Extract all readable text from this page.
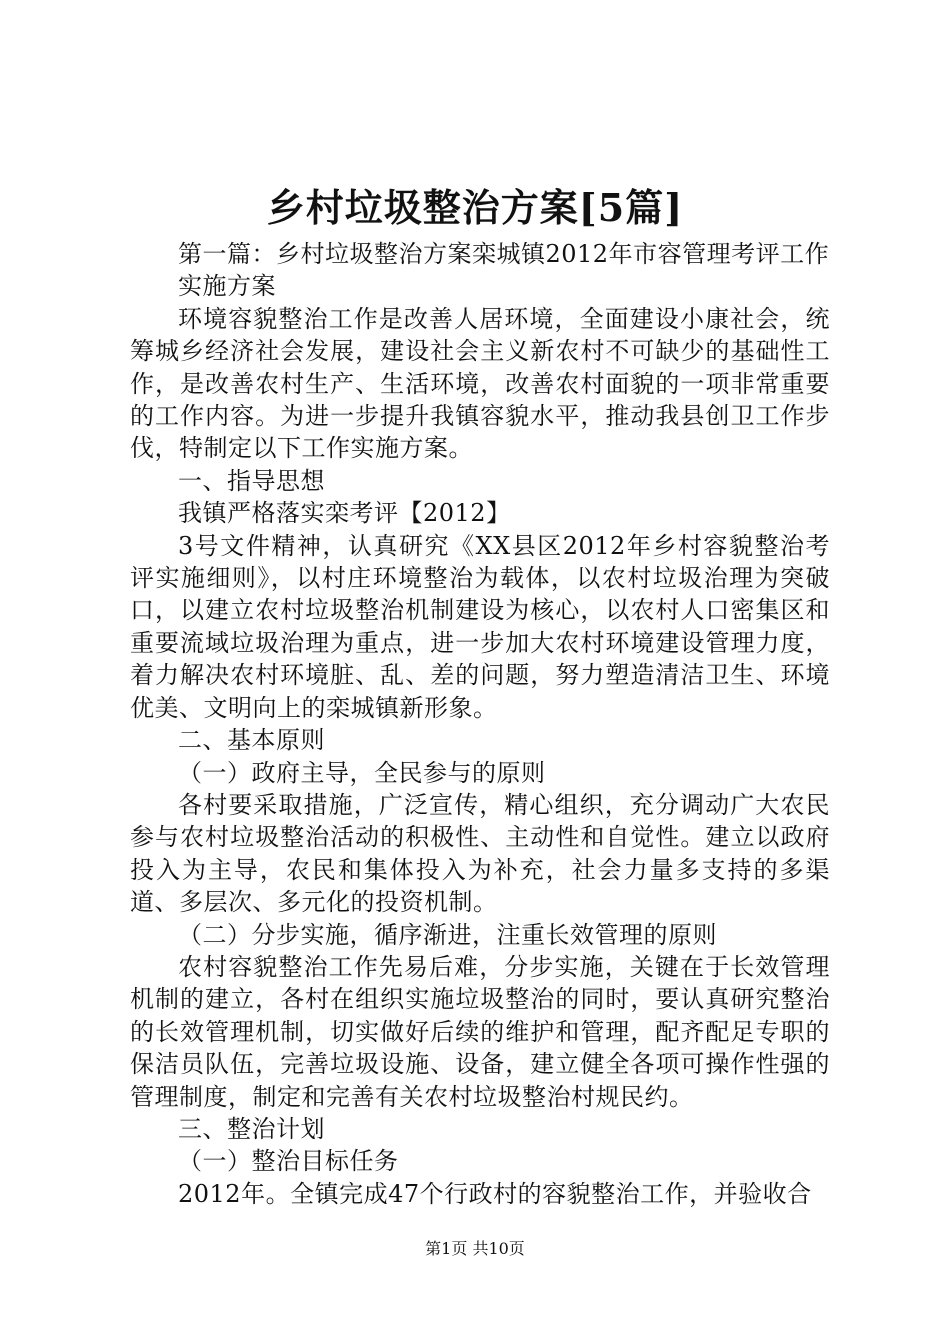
乡村垃圾整治方案[5篇]

第一篇：乡村垃圾整治方案栾城镇2012年市容管理考评工作

实施方案

环境容貌整治工作是改善人居环境，全面建设小康社会，统筹城乡经济社会发展，建设社会主义新农村不可缺少的基础性工作，是改善农村生产、生活环境，改善农村面貌的一项非常重要的工作内容。为进一步提升我镇容貌水平，推动我县创卫工作步伐，特制定以下工作实施方案。

一、指导思想

我镇严格落实栾考评【2012】

3号文件精神，认真研究《XX县区2012年乡村容貌整治考评实施细则》，以村庄环境整治为载体，以农村垃圾治理为突破口，以建立农村垃圾整治机制建设为核心，以农村人口密集区和重要流域垃圾治理为重点，进一步加大农村环境建设管理力度，着力解决农村环境脏、乱、差的问题，努力塑造清洁卫生、环境优美、文明向上的栾城镇新形象。

二、基本原则

（一）政府主导，全民参与的原则

各村要采取措施，广泛宣传，精心组织，充分调动广大农民参与农村垃圾整治活动的积极性、主动性和自觉性。建立以政府投入为主导，农民和集体投入为补充，社会力量多支持的多渠道、多层次、多元化的投资机制。

（二）分步实施，循序渐进，注重长效管理的原则

农村容貌整治工作先易后难，分步实施，关键在于长效管理机制的建立，各村在组织实施垃圾整治的同时，要认真研究整治的长效管理机制，切实做好后续的维护和管理，配齐配足专职的保洁员队伍，完善垃圾设施、设备，建立健全各项可操作性强的管理制度，制定和完善有关农村垃圾整治村规民约。

三、整治计划

（一）整治目标任务

2012年。全镇完成47个行政村的容貌整治工作，并验收合

第1页 共10页
